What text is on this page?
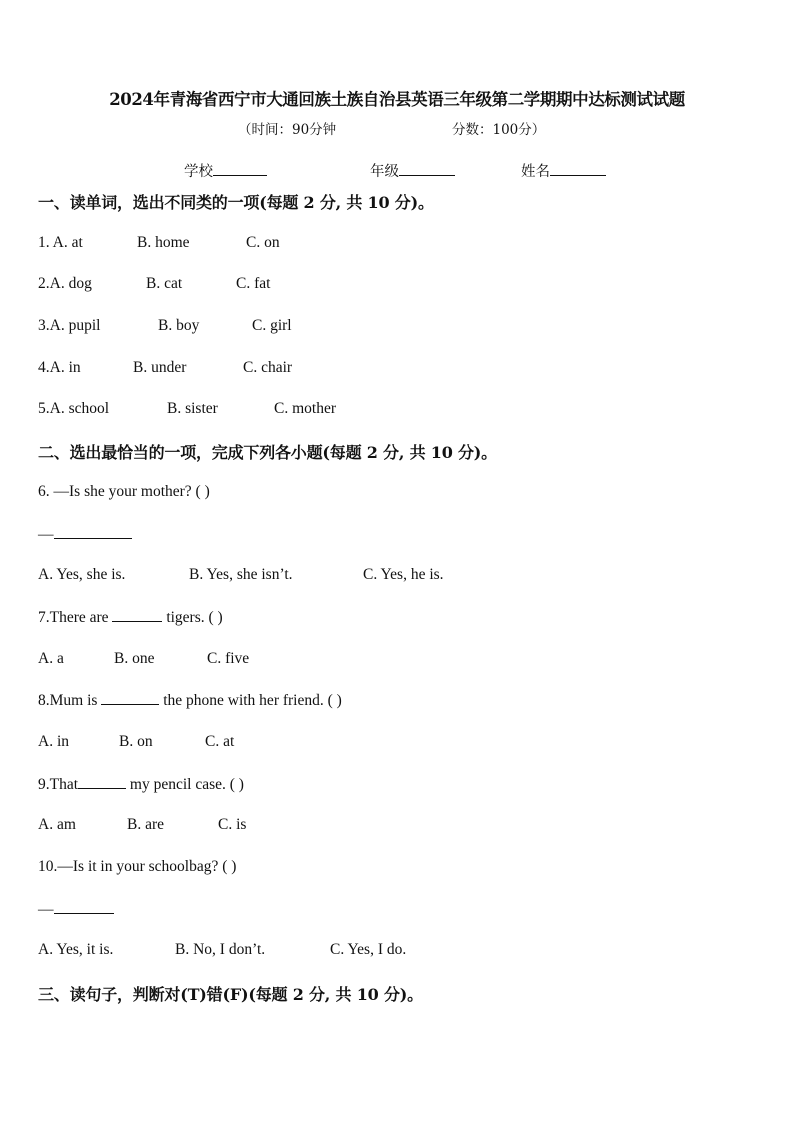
2024年青海省西宁市大通回族土族自治县英语三年级第二学期期中达标测试试题
（时间：90分钟	分数：100分）
学校	年级	姓名
一、读单词，选出不同类的一项(每题 2 分, 共 10 分)。
1. A. at	B. home	C. on
2.A. dog	B. cat	C. fat
3.A. pupil	B. boy	C. girl
4.A. in	B. under	C. chair
5.A. school	B. sister	C. mother
二、选出最恰当的一项，完成下列各小题(每题 2 分, 共 10 分)。
6. —Is she your mother? ( )
—
A. Yes, she is.	B. Yes, she isn’t.	C. Yes, he is.
7.There are	tigers. ( )
A. a	B. one	C. five
8.Mum is	the phone with her friend. ( )
A. in	B. on	C. at
9.That	my pencil case. ( )
A. am	B. are	C. is
10.—Is it in your schoolbag? ( )
—
A. Yes, it is.	B. No, I don’t.	C. Yes, I do.
三、读句子，判断对(T)错(F)(每题 2 分, 共 10 分)。
